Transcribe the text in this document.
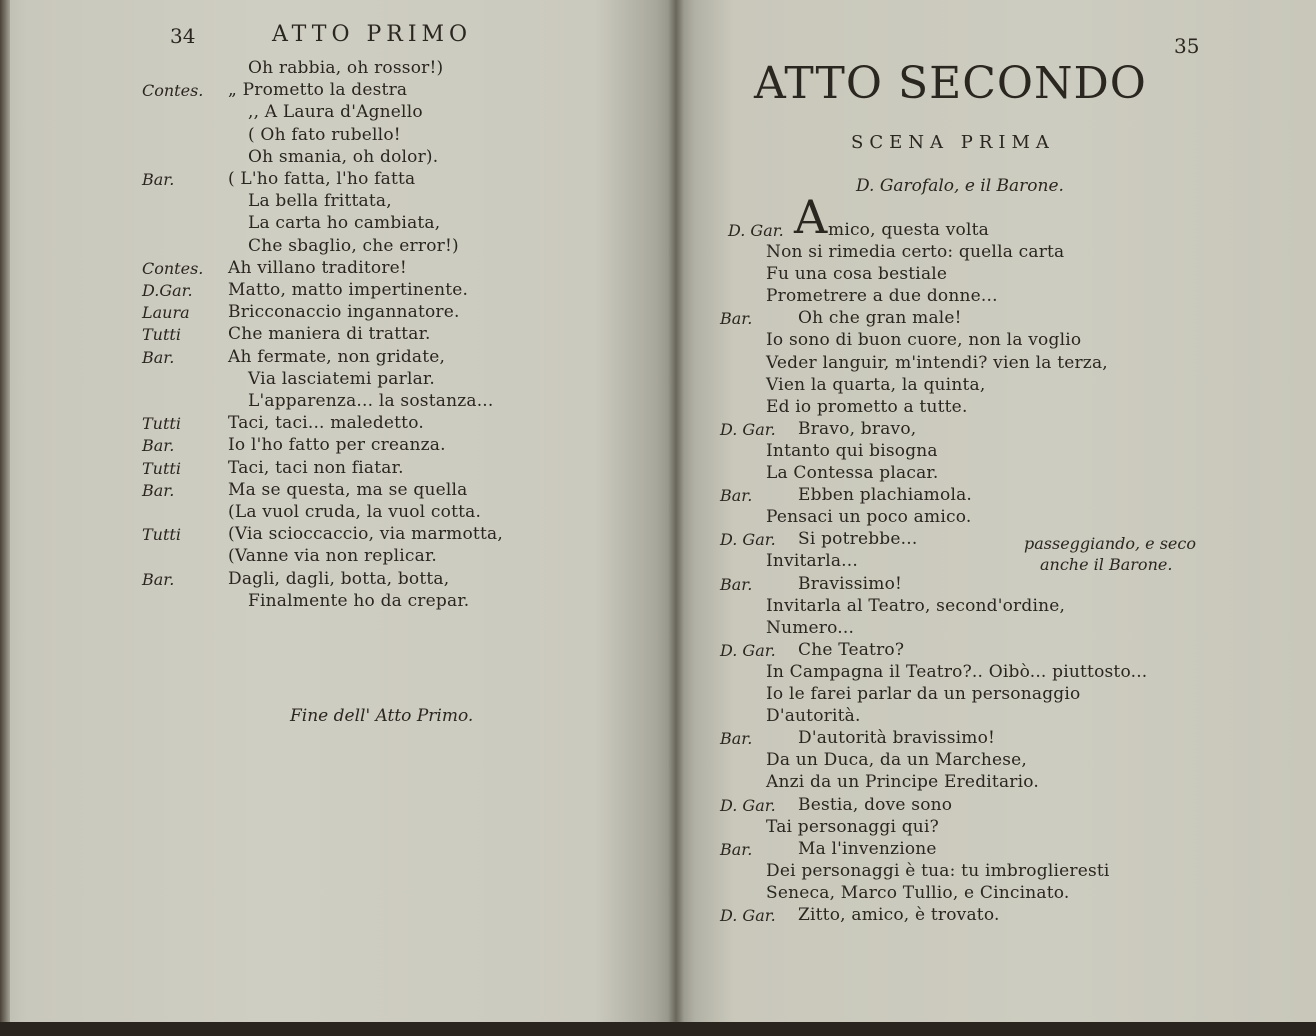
34	ATTO PRIMO
Fine dell' Atto Primo.
Oh rabbia, oh rossor!)
Contes. „ Prometto la destra
,, A Laura d'Agnello
( Oh fato rubello!
Oh smania, oh dolor).
Bar.	( L'ho fatta, l'ho fatta
La bella frittata,
La carta ho cambiata,
Che sbaglio, che error!)
Contes. Ah villano traditore!
D.Gar. Matto, matto impertinente.
Laura Bricconaccio ingannatore.
Tutti	Che maniera di trattar.
Bar.	Ah fermate, non gridate,
Via lasciatemi parlar.
L'apparenza... la sostanza...
Tutti	Taci, taci... maledetto.
Bar.	Io l'ho fatto per creanza.
Tutti	Taci, taci non fiatar.
Bar.	Ma se questa, ma se quella
(La vuol cruda, la vuol cotta.
Tutti	(Via scioccaccio, via marmotta,
(Vanne via non replicar.
Bar.	Dagli, dagli, botta, botta,
Finalmente ho da crepar.
35
ATTO SECONDO
SCENA PRIMA
D. Garofalo, e il Barone.
D. Gar. A mico, questa volta
passeggiando, e seco
anche il Barone.
Non si rimedia certo: quella carta
Fu una cosa bestiale
Prometrere a due donne...
Bar.	Oh che gran male!
Io sono di buon cuore, non la voglio
Veder languir, m'intendi? vien la terza,
Vien la quarta, la quinta,
Ed io prometto a tutte.
D. Gar. Bravo, bravo,
Intanto qui bisogna
La Contessa placar.
Bar.	Ebben plachiamola.
Pensaci un poco amico.
D. Gar. Si potrebbe...
Invitarla...
Bar.	Bravissimo!
Invitarla al Teatro, second'ordine,
Numero...
D. Gar. Che Teatro?
In Campagna il Teatro?.. Oibò... piuttosto...
Io le farei parlar da un personaggio
D'autorità.
Bar.	D'autorità bravissimo!
Da un Duca, da un Marchese,
Anzi da un Principe Ereditario.
D. Gar. Bestia, dove sono
Tai personaggi qui?
Bar.	Ma l'invenzione
Dei personaggi è tua: tu imbroglieresti
Seneca, Marco Tullio, e Cincinato.
D. Gar. Zitto, amico, è trovato.
